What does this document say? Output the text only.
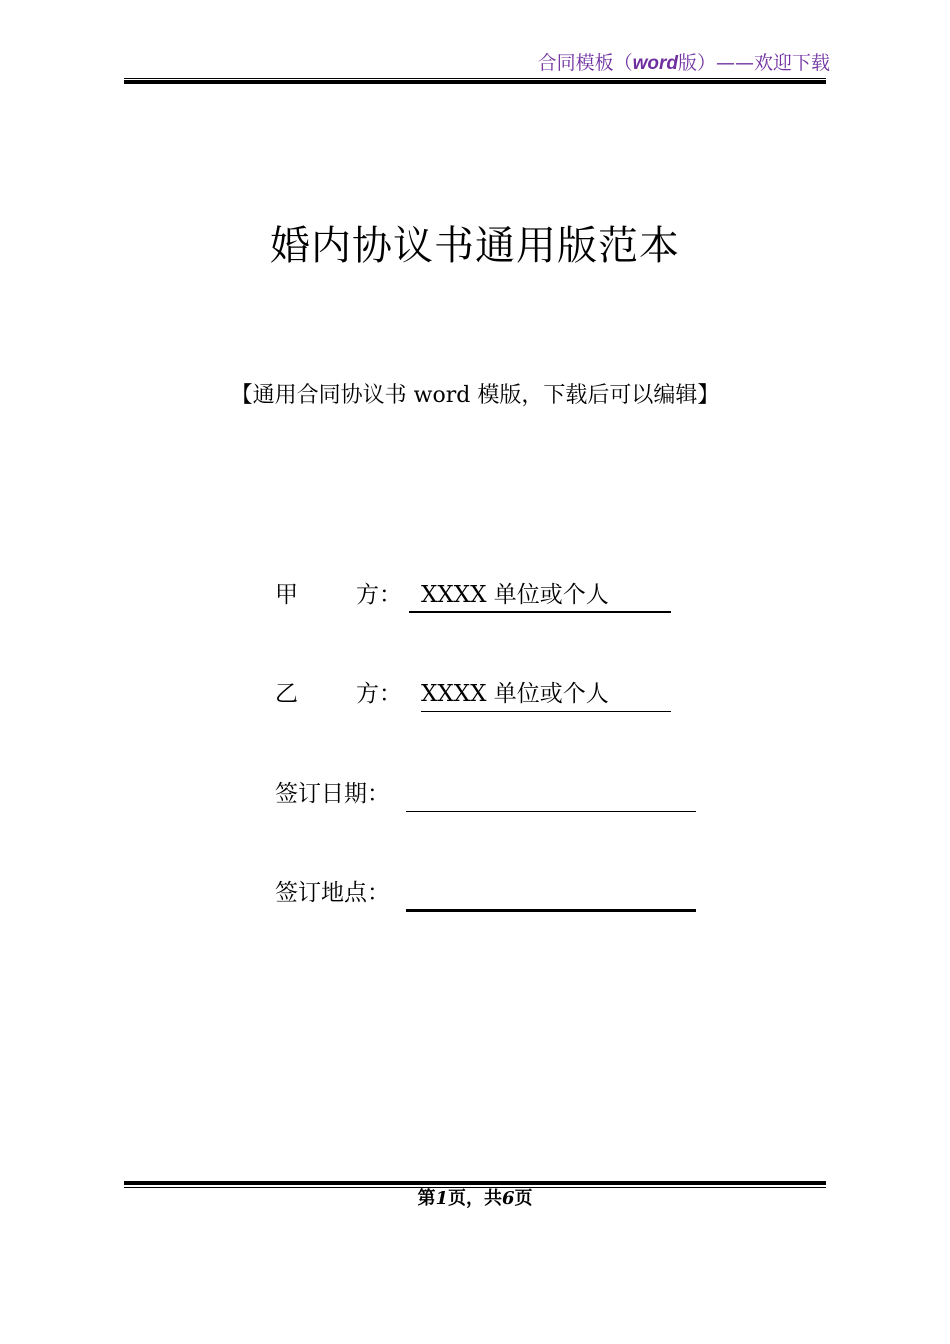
合同模板（word版）——欢迎下载
婚内协议书通用版范本
【通用合同协议书 word 模版，下载后可以编辑】
甲	方： XXXX 单位或个人
乙	方： XXXX 单位或个人
签订日期：
签订地点：
第1页，共6页
